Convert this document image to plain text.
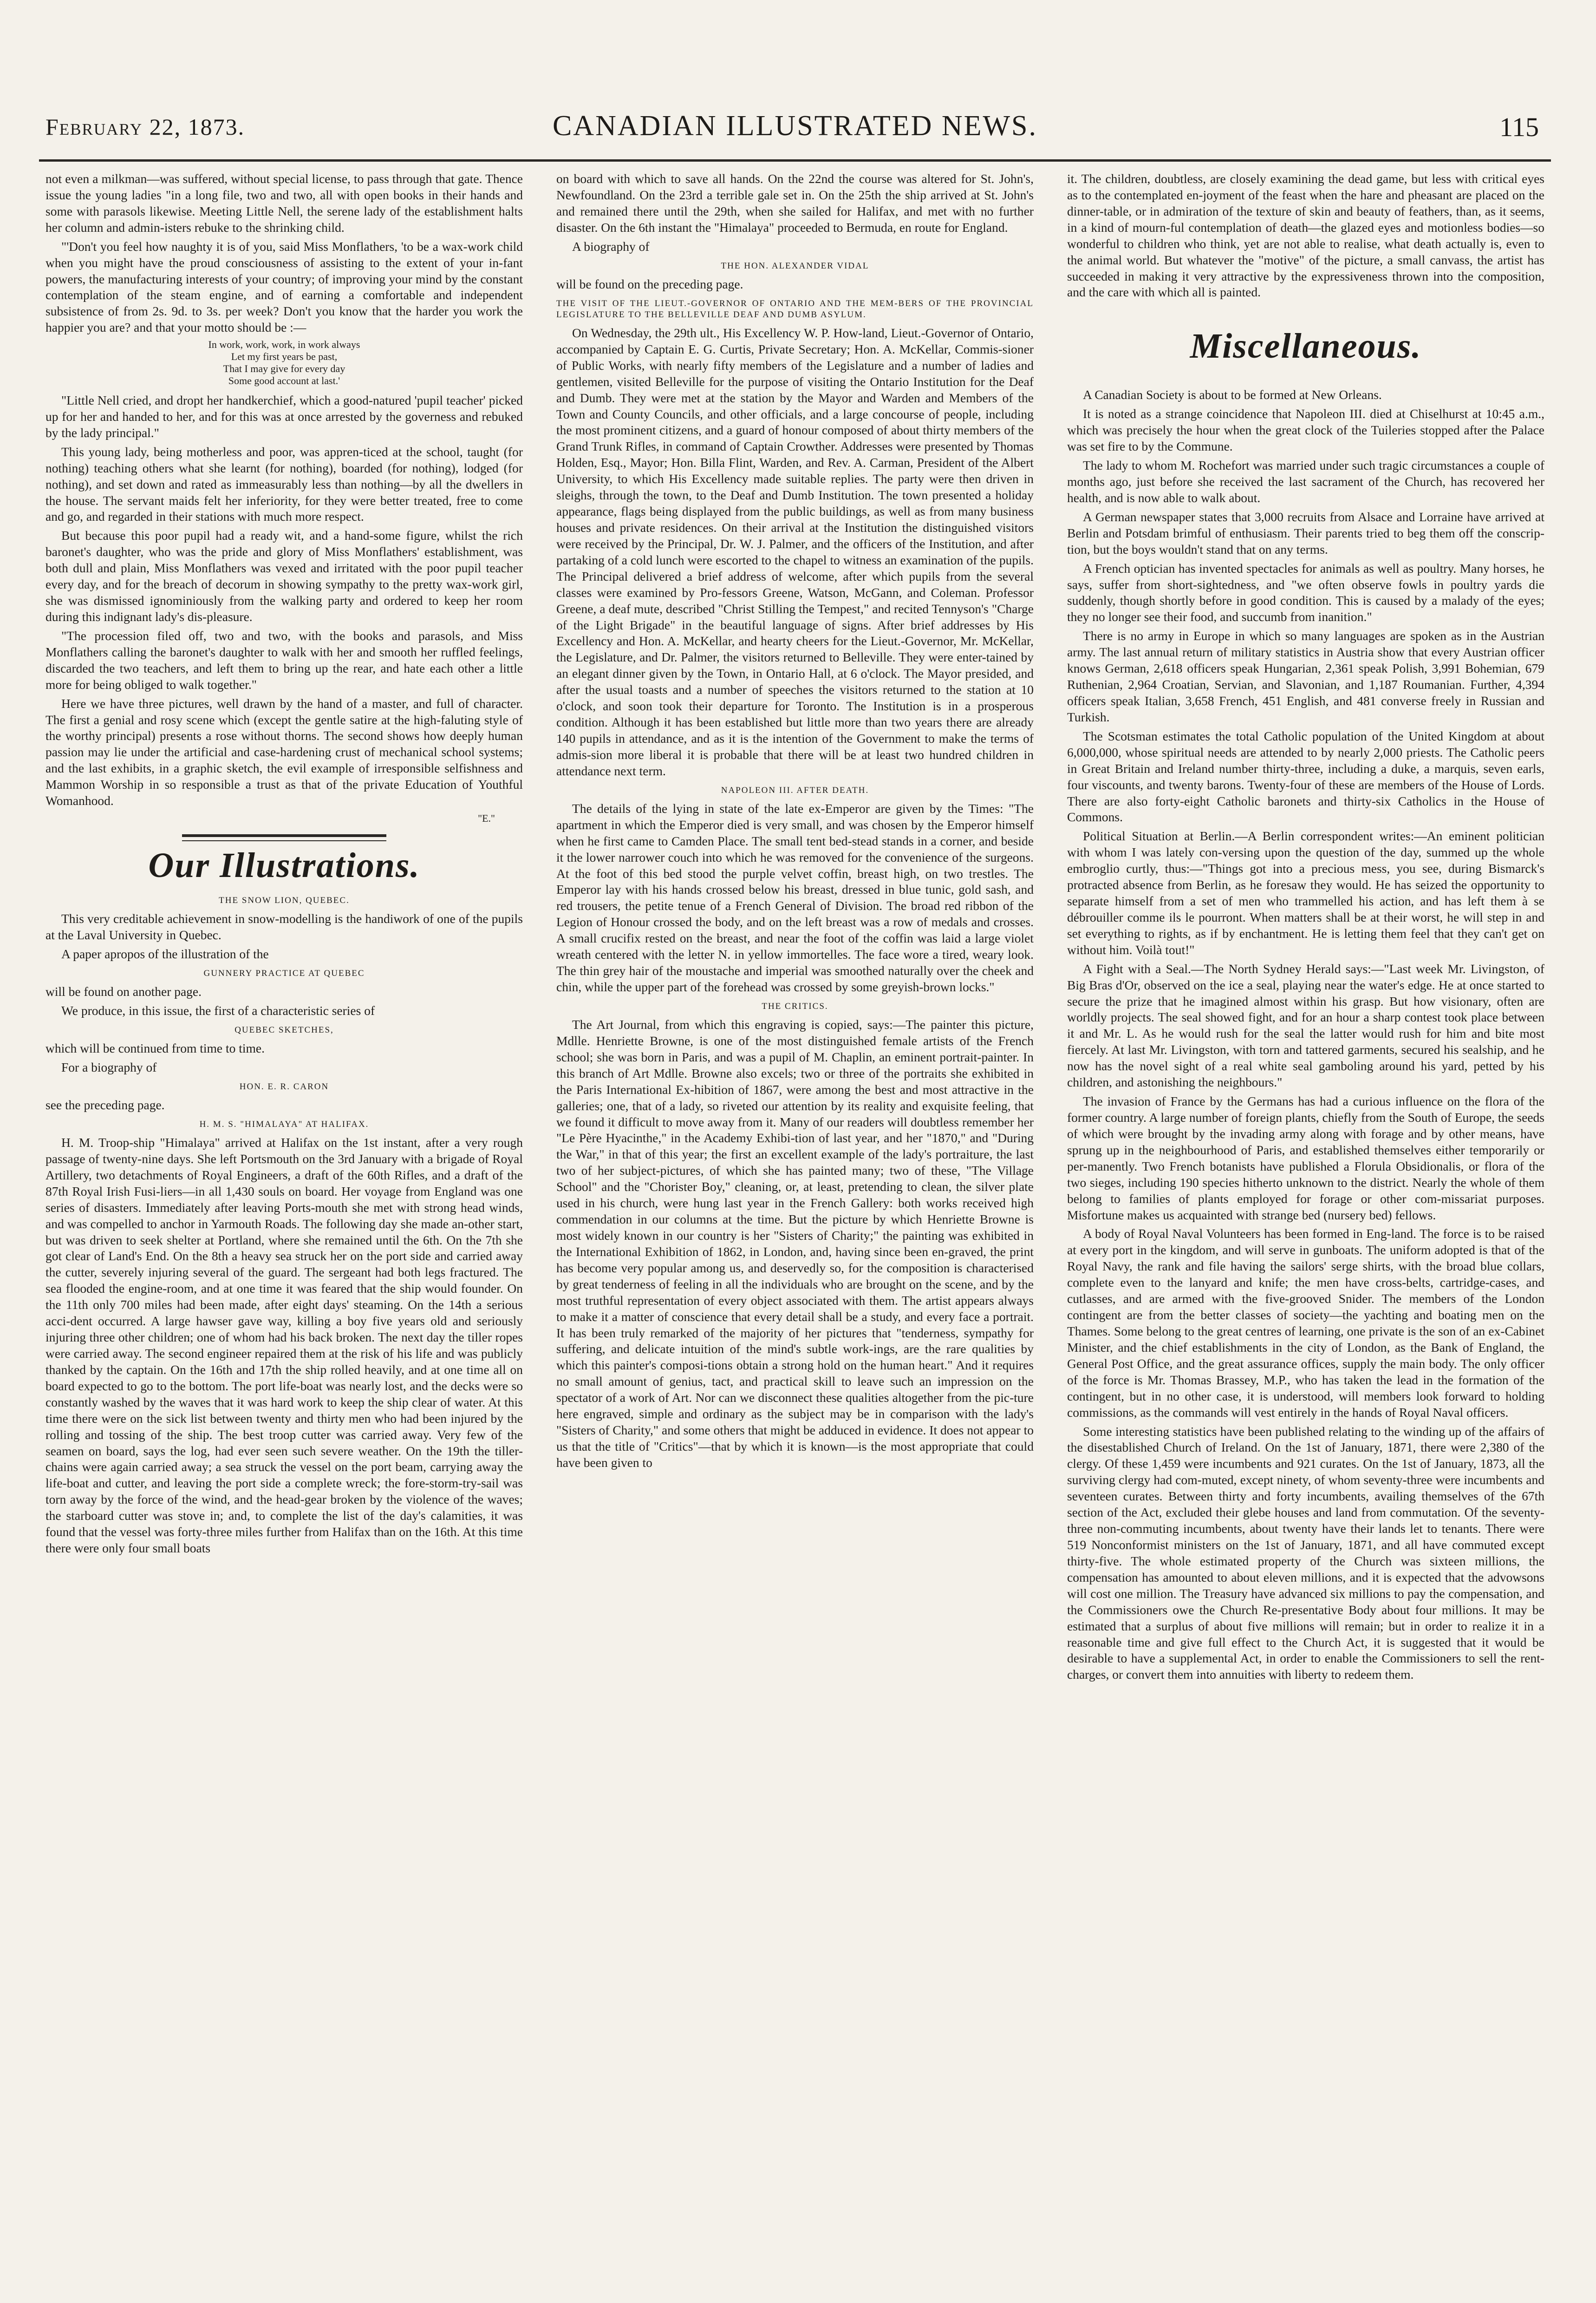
February 22, 1873.	CANADIAN ILLUSTRATED NEWS.	115

not even a milkman—was suffered, without special license, to pass through that gate. Thence issue the young ladies "in a long file, two and two, all with open books in their hands and some with parasols likewise. Meeting Little Nell, the serene lady of the establishment halts her column and admin-isters rebuke to the shrinking child.

"'Don't you feel how naughty it is of you, said Miss Monflathers, 'to be a wax-work child when you might have the proud consciousness of assisting to the extent of your in-fant powers, the manufacturing interests of your country; of improving your mind by the constant contemplation of the steam engine, and of earning a comfortable and independent subsistence of from 2s. 9d. to 3s. per week? Don't you know that the harder you work the happier you are? and that your motto should be :—

In work, work, work, in work always
Let my first years be past,
That I may give for every day
Some good account at last.'

"Little Nell cried, and dropt her handkerchief, which a good-natured 'pupil teacher' picked up for her and handed to her, and for this was at once arrested by the governess and rebuked by the lady principal."

This young lady, being motherless and poor, was appren-ticed at the school, taught (for nothing) teaching others what she learnt (for nothing), boarded (for nothing), lodged (for nothing), and set down and rated as immeasurably less than nothing—by all the dwellers in the house. The servant maids felt her inferiority, for they were better treated, free to come and go, and regarded in their stations with much more respect.

But because this poor pupil had a ready wit, and a hand-some figure, whilst the rich baronet's daughter, who was the pride and glory of Miss Monflathers' establishment, was both dull and plain, Miss Monflathers was vexed and irritated with the poor pupil teacher every day, and for the breach of decorum in showing sympathy to the pretty wax-work girl, she was dismissed ignominiously from the walking party and ordered to keep her room during this indignant lady's dis-pleasure.

"The procession filed off, two and two, with the books and parasols, and Miss Monflathers calling the baronet's daughter to walk with her and smooth her ruffled feelings, discarded the two teachers, and left them to bring up the rear, and hate each other a little more for being obliged to walk together."

Here we have three pictures, well drawn by the hand of a master, and full of character. The first a genial and rosy scene which (except the gentle satire at the high-faluting style of the worthy principal) presents a rose without thorns. The second shows how deeply human passion may lie under the artificial and case-hardening crust of mechanical school systems; and the last exhibits, in a graphic sketch, the evil example of irresponsible selfishness and Mammon Worship in so responsible a trust as that of the private Education of Youthful Womanhood.

"E."
Our Illustrations.
THE SNOW LION, QUEBEC.

This very creditable achievement in snow-modelling is the handiwork of one of the pupils at the Laval University in Quebec.

A paper apropos of the illustration of the

GUNNERY PRACTICE AT QUEBEC

will be found on another page.

We produce, in this issue, the first of a characteristic series of

QUEBEC SKETCHES,

which will be continued from time to time.

For a biography of

HON. E. R. CARON

see the preceding page.

H. M. S. "HIMALAYA" AT HALIFAX.

H. M. Troop-ship "Himalaya" arrived at Halifax on the 1st instant, after a very rough passage of twenty-nine days. She left Portsmouth on the 3rd January with a brigade of Royal Artillery, two detachments of Royal Engineers, a draft of the 60th Rifles, and a draft of the 87th Royal Irish Fusi-liers—in all 1,430 souls on board. Her voyage from England was one series of disasters. Immediately after leaving Ports-mouth she met with strong head winds, and was compelled to anchor in Yarmouth Roads. The following day she made an-other start, but was driven to seek shelter at Portland, where she remained until the 6th. On the 7th she got clear of Land's End. On the 8th a heavy sea struck her on the port side and carried away the cutter, severely injuring several of the guard. The sergeant had both legs fractured. The sea flooded the engine-room, and at one time it was feared that the ship would founder. On the 11th only 700 miles had been made, after eight days' steaming. On the 14th a serious acci-dent occurred. A large hawser gave way, killing a boy five years old and seriously injuring three other children; one of whom had his back broken. The next day the tiller ropes were carried away. The second engineer repaired them at the risk of his life and was publicly thanked by the captain. On the 16th and 17th the ship rolled heavily, and at one time all on board expected to go to the bottom. The port life-boat was nearly lost, and the decks were so constantly washed by the waves that it was hard work to keep the ship clear of water. At this time there were on the sick list between twenty and thirty men who had been injured by the rolling and tossing of the ship. The best troop cutter was carried away. Very few of the seamen on board, says the log, had ever seen such severe weather. On the 19th the tiller-chains were again carried away; a sea struck the vessel on the port beam, carrying away the life-boat and cutter, and leaving the port side a complete wreck; the fore-storm-try-sail was torn away by the force of the wind, and the head-gear broken by the violence of the waves; the starboard cutter was stove in; and, to complete the list of the day's calamities, it was found that the vessel was forty-three miles further from Halifax than on the 16th. At this time there were only four small boats

on board with which to save all hands. On the 22nd the course was altered for St. John's, Newfoundland. On the 23rd a terrible gale set in. On the 25th the ship arrived at St. John's and remained there until the 29th, when she sailed for Halifax, and met with no further disaster. On the 6th instant the "Himalaya" proceeded to Bermuda, en route for England.

A biography of

THE HON. ALEXANDER VIDAL

will be found on the preceding page.

THE VISIT OF THE LIEUT.-GOVERNOR OF ONTARIO AND THE MEM-BERS OF THE PROVINCIAL LEGISLATURE TO THE BELLEVILLE DEAF AND DUMB ASYLUM.

On Wednesday, the 29th ult., His Excellency W. P. How-land, Lieut.-Governor of Ontario, accompanied by Captain E. G. Curtis, Private Secretary; Hon. A. McKellar, Commis-sioner of Public Works, with nearly fifty members of the Legislature and a number of ladies and gentlemen, visited Belleville for the purpose of visiting the Ontario Institution for the Deaf and Dumb. They were met at the station by the Mayor and Warden and Members of the Town and County Councils, and other officials, and a large concourse of people, including the most prominent citizens, and a guard of honour composed of about thirty members of the Grand Trunk Rifles, in command of Captain Crowther. Addresses were presented by Thomas Holden, Esq., Mayor; Hon. Billa Flint, Warden, and Rev. A. Carman, President of the Albert University, to which His Excellency made suitable replies. The party were then driven in sleighs, through the town, to the Deaf and Dumb Institution. The town presented a holiday appearance, flags being displayed from the public buildings, as well as from many business houses and private residences. On their arrival at the Institution the distinguished visitors were received by the Principal, Dr. W. J. Palmer, and the officers of the Institution, and after partaking of a cold lunch were escorted to the chapel to witness an examination of the pupils. The Principal delivered a brief address of welcome, after which pupils from the several classes were examined by Pro-fessors Greene, Watson, McGann, and Coleman. Professor Greene, a deaf mute, described "Christ Stilling the Tempest," and recited Tennyson's "Charge of the Light Brigade" in the beautiful language of signs. After brief addresses by His Excellency and Hon. A. McKellar, and hearty cheers for the Lieut.-Governor, Mr. McKellar, the Legislature, and Dr. Palmer, the visitors returned to Belleville. They were enter-tained by an elegant dinner given by the Town, in Ontario Hall, at 6 o'clock. The Mayor presided, and after the usual toasts and a number of speeches the visitors returned to the station at 10 o'clock, and soon took their departure for Toronto. The Institution is in a prosperous condition. Although it has been established but little more than two years there are already 140 pupils in attendance, and as it is the intention of the Government to make the terms of admis-sion more liberal it is probable that there will be at least two hundred children in attendance next term.

NAPOLEON III. AFTER DEATH.

The details of the lying in state of the late ex-Emperor are given by the Times: "The apartment in which the Emperor died is very small, and was chosen by the Emperor himself when he first came to Camden Place. The small tent bed-stead stands in a corner, and beside it the lower narrower couch into which he was removed for the convenience of the surgeons. At the foot of this bed stood the purple velvet coffin, breast high, on two trestles. The Emperor lay with his hands crossed below his breast, dressed in blue tunic, gold sash, and red trousers, the petite tenue of a French General of Division. The broad red ribbon of the Legion of Honour crossed the body, and on the left breast was a row of medals and crosses. A small crucifix rested on the breast, and near the foot of the coffin was laid a large violet wreath centered with the letter N. in yellow immortelles. The face wore a tired, weary look. The thin grey hair of the moustache and imperial was smoothed naturally over the cheek and chin, while the upper part of the forehead was crossed by some greyish-brown locks."

THE CRITICS.

The Art Journal, from which this engraving is copied, says:—The painter this picture, Mdlle. Henriette Browne, is one of the most distinguished female artists of the French school; she was born in Paris, and was a pupil of M. Chaplin, an eminent portrait-painter. In this branch of Art Mdlle. Browne also excels; two or three of the portraits she exhibited in the Paris International Ex-hibition of 1867, were among the best and most attractive in the galleries; one, that of a lady, so riveted our attention by its reality and exquisite feeling, that we found it difficult to move away from it. Many of our readers will doubtless remember her "Le Père Hyacinthe," in the Academy Exhibi-tion of last year, and her "1870," and "During the War," in that of this year; the first an excellent example of the lady's portraiture, the last two of her subject-pictures, of which she has painted many; two of these, "The Village School" and the "Chorister Boy," cleaning, or, at least, pretending to clean, the silver plate used in his church, were hung last year in the French Gallery: both works received high commendation in our columns at the time. But the picture by which Henriette Browne is most widely known in our country is her "Sisters of Charity;" the painting was exhibited in the International Exhibition of 1862, in London, and, having since been en-graved, the print has become very popular among us, and deservedly so, for the composition is characterised by great tenderness of feeling in all the individuals who are brought on the scene, and by the most truthful representation of every object associated with them. The artist appears always to make it a matter of conscience that every detail shall be a study, and every face a portrait. It has been truly remarked of the majority of her pictures that "tenderness, sympathy for suffering, and delicate intuition of the mind's subtle work-ings, are the rare qualities by which this painter's composi-tions obtain a strong hold on the human heart." And it requires no small amount of genius, tact, and practical skill to leave such an impression on the spectator of a work of Art. Nor can we disconnect these qualities altogether from the pic-ture here engraved, simple and ordinary as the subject may be in comparison with the lady's "Sisters of Charity," and some others that might be adduced in evidence. It does not appear to us that the title of "Critics"—that by which it is known—is the most appropriate that could have been given to

it. The children, doubtless, are closely examining the dead game, but less with critical eyes as to the contemplated en-joyment of the feast when the hare and pheasant are placed on the dinner-table, or in admiration of the texture of skin and beauty of feathers, than, as it seems, in a kind of mourn-ful contemplation of death—the glazed eyes and motionless bodies—so wonderful to children who think, yet are not able to realise, what death actually is, even to the animal world. But whatever the "motive" of the picture, a small canvass, the artist has succeeded in making it very attractive by the expressiveness thrown into the composition, and the care with which all is painted.

Miscellaneous.

A Canadian Society is about to be formed at New Orleans.

It is noted as a strange coincidence that Napoleon III. died at Chiselhurst at 10:45 a.m., which was precisely the hour when the great clock of the Tuileries stopped after the Palace was set fire to by the Commune.

The lady to whom M. Rochefort was married under such tragic circumstances a couple of months ago, just before she received the last sacrament of the Church, has recovered her health, and is now able to walk about.

A German newspaper states that 3,000 recruits from Alsace and Lorraine have arrived at Berlin and Potsdam brimful of enthusiasm. Their parents tried to beg them off the conscrip-tion, but the boys wouldn't stand that on any terms.

A French optician has invented spectacles for animals as well as poultry. Many horses, he says, suffer from short-sightedness, and "we often observe fowls in poultry yards die suddenly, though shortly before in good condition. This is caused by a malady of the eyes; they no longer see their food, and succumb from inanition."

There is no army in Europe in which so many languages are spoken as in the Austrian army. The last annual return of military statistics in Austria show that every Austrian officer knows German, 2,618 officers speak Hungarian, 2,361 speak Polish, 3,991 Bohemian, 679 Ruthenian, 2,964 Croatian, Servian, and Slavonian, and 1,187 Roumanian. Further, 4,394 officers speak Italian, 3,658 French, 451 English, and 481 converse freely in Russian and Turkish.

The Scotsman estimates the total Catholic population of the United Kingdom at about 6,000,000, whose spiritual needs are attended to by nearly 2,000 priests. The Catholic peers in Great Britain and Ireland number thirty-three, including a duke, a marquis, seven earls, four viscounts, and twenty barons. Twenty-four of these are members of the House of Lords. There are also forty-eight Catholic baronets and thirty-six Catholics in the House of Commons.

Political Situation at Berlin.—A Berlin correspondent writes:—An eminent politician with whom I was lately con-versing upon the question of the day, summed up the whole embroglio curtly, thus:—"Things got into a precious mess, you see, during Bismarck's protracted absence from Berlin, as he foresaw they would. He has seized the opportunity to separate himself from a set of men who trammelled his action, and has left them à se débrouiller comme ils le pourront. When matters shall be at their worst, he will step in and set everything to rights, as if by enchantment. He is letting them feel that they can't get on without him. Voilà tout!"

A Fight with a Seal.—The North Sydney Herald says:—"Last week Mr. Livingston, of Big Bras d'Or, observed on the ice a seal, playing near the water's edge. He at once started to secure the prize that he imagined almost within his grasp. But how visionary, often are worldly projects. The seal showed fight, and for an hour a sharp contest took place between it and Mr. L. As he would rush for the seal the latter would rush for him and bite most fiercely. At last Mr. Livingston, with torn and tattered garments, secured his sealship, and he now has the novel sight of a real white seal gamboling around his yard, petted by his children, and astonishing the neighbours."

The invasion of France by the Germans has had a curious influence on the flora of the former country. A large number of foreign plants, chiefly from the South of Europe, the seeds of which were brought by the invading army along with forage and by other means, have sprung up in the neighbourhood of Paris, and established themselves either temporarily or per-manently. Two French botanists have published a Florula Obsidionalis, or flora of the two sieges, including 190 species hitherto unknown to the district. Nearly the whole of them belong to families of plants employed for forage or other com-missariat purposes. Misfortune makes us acquainted with strange bed (nursery bed) fellows.

A body of Royal Naval Volunteers has been formed in Eng-land. The force is to be raised at every port in the kingdom, and will serve in gunboats. The uniform adopted is that of the Royal Navy, the rank and file having the sailors' serge shirts, with the broad blue collars, complete even to the lanyard and knife; the men have cross-belts, cartridge-cases, and cutlasses, and are armed with the five-grooved Snider. The members of the London contingent are from the better classes of society—the yachting and boating men on the Thames. Some belong to the great centres of learning, one private is the son of an ex-Cabinet Minister, and the chief establishments in the city of London, as the Bank of England, the General Post Office, and the great assurance offices, supply the main body. The only officer of the force is Mr. Thomas Brassey, M.P., who has taken the lead in the formation of the contingent, but in no other case, it is understood, will members look forward to holding commissions, as the commands will vest entirely in the hands of Royal Naval officers.

Some interesting statistics have been published relating to the winding up of the affairs of the disestablished Church of Ireland. On the 1st of January, 1871, there were 2,380 of the clergy. Of these 1,459 were incumbents and 921 curates. On the 1st of January, 1873, all the surviving clergy had com-muted, except ninety, of whom seventy-three were incumbents and seventeen curates. Between thirty and forty incumbents, availing themselves of the 67th section of the Act, excluded their glebe houses and land from commutation. Of the seventy-three non-commuting incumbents, about twenty have their lands let to tenants. There were 519 Nonconformist ministers on the 1st of January, 1871, and all have commuted except thirty-five. The whole estimated property of the Church was sixteen millions, the compensation has amounted to about eleven millions, and it is expected that the advowsons will cost one million. The Treasury have advanced six millions to pay the compensation, and the Commissioners owe the Church Re-presentative Body about four millions. It may be estimated that a surplus of about five millions will remain; but in order to realize it in a reasonable time and give full effect to the Church Act, it is suggested that it would be desirable to have a supplemental Act, in order to enable the Commissioners to sell the rent-charges, or convert them into annuities with liberty to redeem them.
